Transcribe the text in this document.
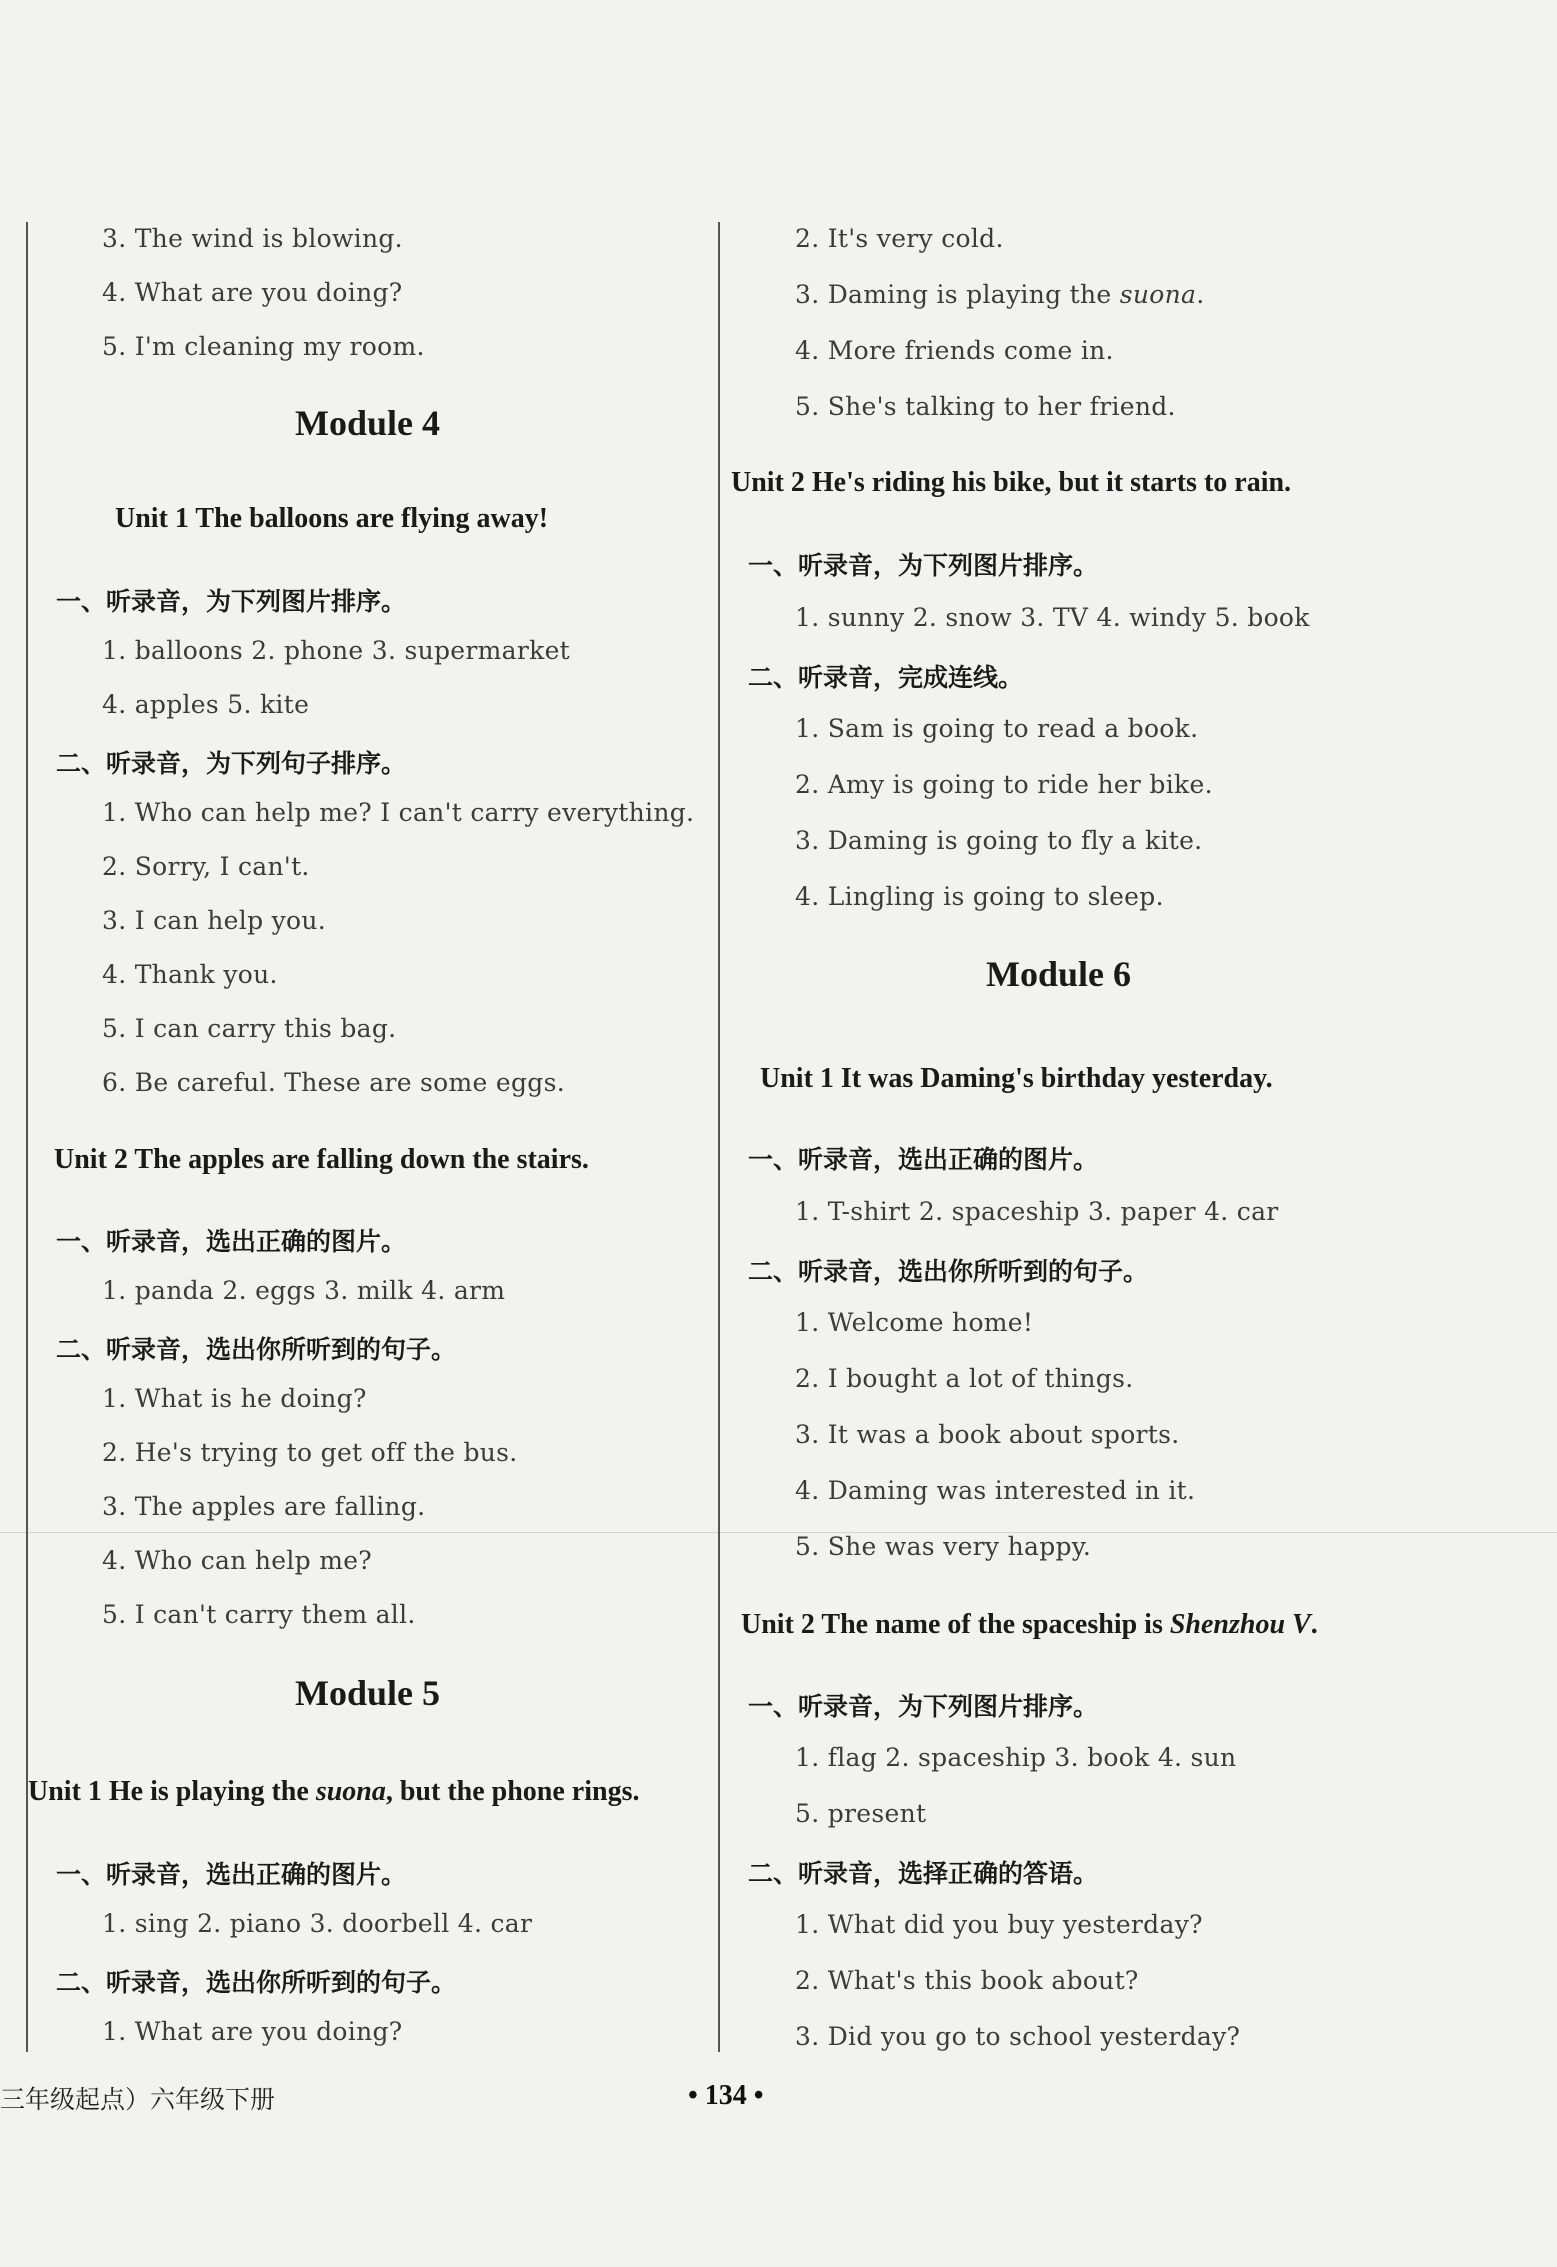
3. The wind is blowing.
4. What are you doing?
5. I'm cleaning my room.
Module 4
Unit 1 The balloons are flying away!
一、听录音，为下列图片排序。
1. balloons 2. phone 3. supermarket
4. apples 5. kite
二、听录音，为下列句子排序。
1. Who can help me? I can't carry everything.
2. Sorry, I can't.
3. I can help you.
4. Thank you.
5. I can carry this bag.
6. Be careful. These are some eggs.
Unit 2 The apples are falling down the stairs.
一、听录音，选出正确的图片。
1. panda 2. eggs 3. milk 4. arm
二、听录音，选出你所听到的句子。
1. What is he doing?
2. He's trying to get off the bus.
3. The apples are falling.
4. Who can help me?
5. I can't carry them all.
Module 5
Unit 1 He is playing the suona, but the phone rings.
一、听录音，选出正确的图片。
1. sing 2. piano 3. doorbell 4. car
二、听录音，选出你所听到的句子。
1. What are you doing?
2. It's very cold.
3. Daming is playing the suona.
4. More friends come in.
5. She's talking to her friend.
Unit 2 He's riding his bike, but it starts to rain.
一、听录音，为下列图片排序。
1. sunny 2. snow 3. TV 4. windy 5. book
二、听录音，完成连线。
1. Sam is going to read a book.
2. Amy is going to ride her bike.
3. Daming is going to fly a kite.
4. Lingling is going to sleep.
Module 6
Unit 1 It was Daming's birthday yesterday.
一、听录音，选出正确的图片。
1. T-shirt 2. spaceship 3. paper 4. car
二、听录音，选出你所听到的句子。
1. Welcome home!
2. I bought a lot of things.
3. It was a book about sports.
4. Daming was interested in it.
5. She was very happy.
Unit 2 The name of the spaceship is Shenzhou V.
一、听录音，为下列图片排序。
1. flag 2. spaceship 3. book 4. sun
5. present
二、听录音，选择正确的答语。
1. What did you buy yesterday?
2. What's this book about?
3. Did you go to school yesterday?
三年级起点）六年级下册	• 134 •
